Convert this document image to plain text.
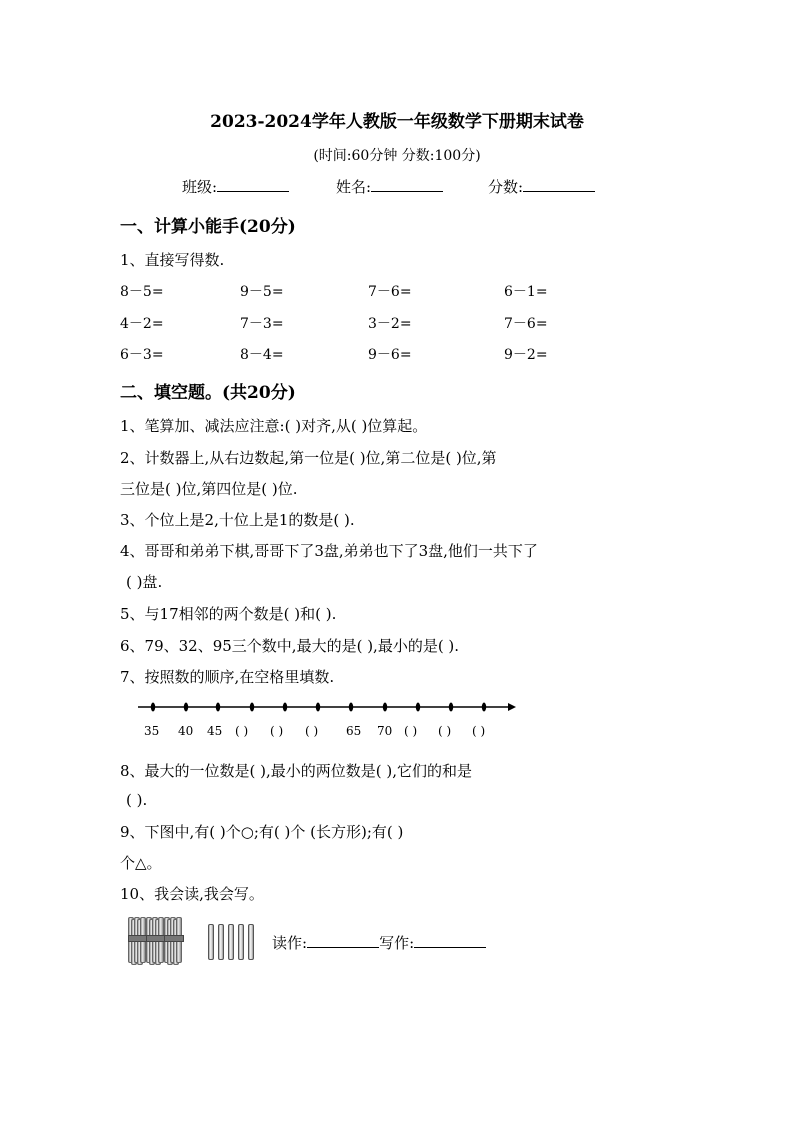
2023-2024学年人教版一年级数学下册期末试卷
(时间:60分钟 分数:100分)
班级:	姓名:	分数:
一、计算小能手(20分)
1、直接写得数.
8－5=	9－5=	7－6=	6－1=
4－2=	7－3=	3－2=	7－6=
6－3=	8－4=	9－6=	9－2=
二、填空题。(共20分)
1、笔算加、减法应注意:( )对齐,从( )位算起。
2、计数器上,从右边数起,第一位是( )位,第二位是( )位,第
三位是( )位,第四位是( )位.
3、个位上是2,十位上是1的数是( ).
4、哥哥和弟弟下棋,哥哥下了3盘,弟弟也下了3盘,他们一共下了
( )盘.
5、与17相邻的两个数是( )和( ).
6、79、32、95三个数中,最大的是( ),最小的是( ).
7、按照数的顺序,在空格里填数.
35 40 45 ( ) ( ) ( ) 65 70 ( ) ( ) ( )
8、最大的一位数是( ),最小的两位数是( ),它们的和是
( ).
9、下图中,有( )个○;有( )个 (长方形);有( )
个△。
10、我会读,我会写。
读作:	写作:
